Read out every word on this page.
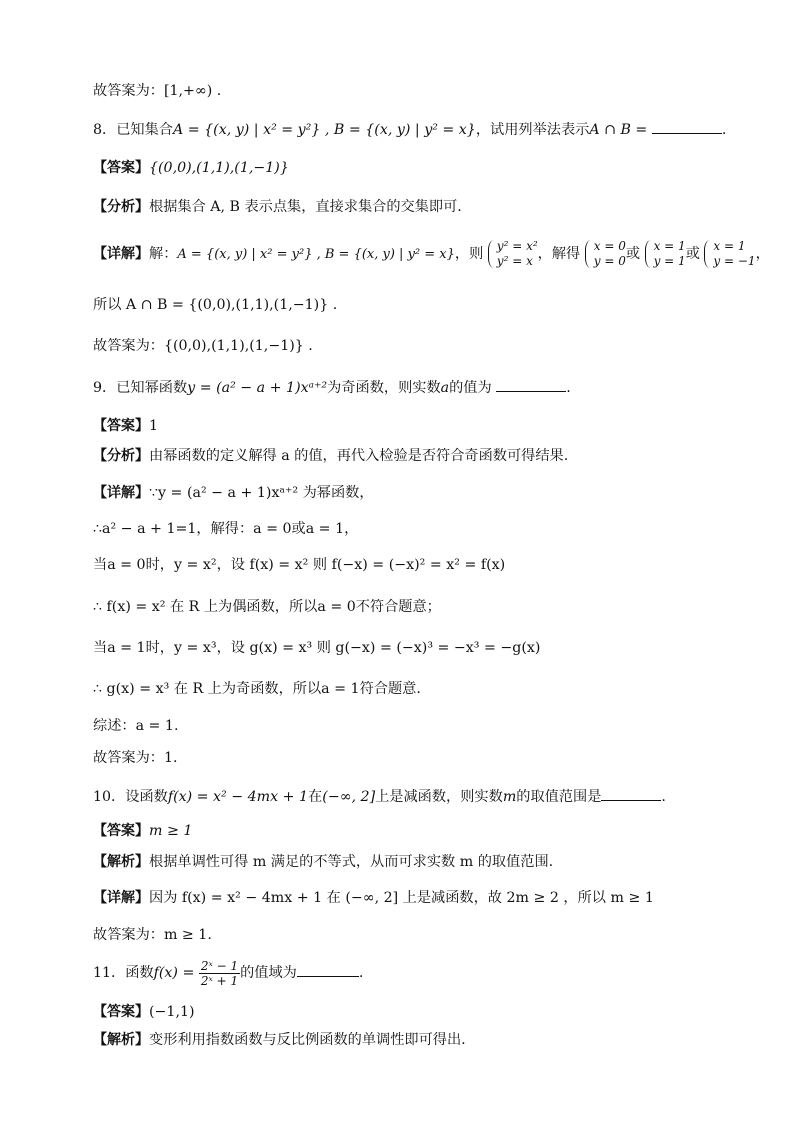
故答案为：[1,+∞) .
8．已知集合A = {(x, y) | x² = y²} , B = {(x, y) | y² = x}，试用列举法表示A ∩ B =	.
【答案】{(0,0),(1,1),(1,−1)}
【分析】根据集合 A, B 表示点集，直接求集合的交集即可.
【详解】解：A = {(x, y) | x² = y²} , B = {(x, y) | y² = x}，则 y² = x²
y² = x ，解得 x = 0
y = 0 或 x = 1
y = 1 或 x = 1
y = −1 ，
所以 A ∩ B = {(0,0),(1,1),(1,−1)} .
故答案为：{(0,0),(1,1),(1,−1)} .
9．已知幂函数y = (a² − a + 1)xᵃ⁺²为奇函数，则实数a的值为	.
【答案】1
【分析】由幂函数的定义解得 a 的值，再代入检验是否符合奇函数可得结果.
【详解】∵y = (a² − a + 1)xᵃ⁺² 为幂函数，
∴a² − a + 1=1，解得：a = 0或a = 1，
当a = 0时，y = x²，设 f(x) = x² 则 f(−x) = (−x)² = x² = f(x)
∴ f(x) = x² 在 R 上为偶函数，所以a = 0不符合题意；
当a = 1时，y = x³，设 g(x) = x³ 则 g(−x) = (−x)³ = −x³ = −g(x)
∴ g(x) = x³ 在 R 上为奇函数，所以a = 1符合题意.
综述：a = 1.
故答案为：1.
10．设函数f(x) = x² − 4mx + 1在(−∞, 2]上是减函数，则实数m的取值范围是	.
【答案】m ≥ 1
【解析】根据单调性可得 m 满足的不等式，从而可求实数 m 的取值范围.
【详解】因为 f(x) = x² − 4mx + 1 在 (−∞, 2] 上是减函数，故 2m ≥ 2 ，所以 m ≥ 1
故答案为：m ≥ 1.
11．函数$f(x) = \frac{\text{2ˣ − 1}}{\text{2ˣ + 1}}$ 的值域为	.
【答案】(−1,1)
【解析】变形利用指数函数与反比例函数的单调性即可得出.
